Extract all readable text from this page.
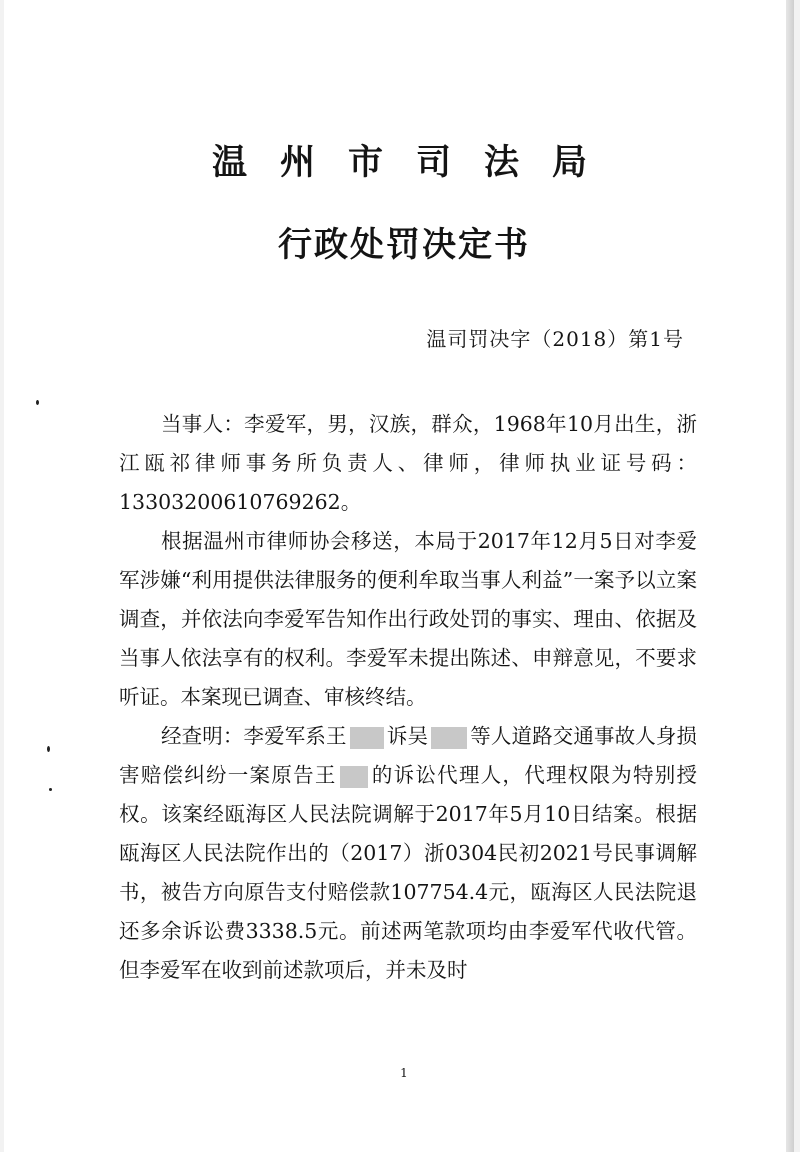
温州市司法局
行政处罚决定书
温司罚决字（2018）第1号

当事人：李爱军，男，汉族，群众，1968年10月出生，浙江瓯祁律师事务所负责人、律师，律师执业证号码：13303200610769262。

根据温州市律师协会移送，本局于2017年12月5日对李爱军涉嫌“利用提供法律服务的便利牟取当事人利益”一案予以立案调查，并依法向李爱军告知作出行政处罚的事实、理由、依据及当事人依法享有的权利。李爱军未提出陈述、申辩意见，不要求听证。本案现已调查、审核终结。

经查明：李爱军系王 诉吴 等人道路交通事故人身损害赔偿纠纷一案原告王 的诉讼代理人，代理权限为特别授权。该案经瓯海区人民法院调解于2017年5月10日结案。根据瓯海区人民法院作出的（2017）浙0304民初2021号民事调解书，被告方向原告支付赔偿款107754.4元，瓯海区人民法院退还多余诉讼费3338.5元。前述两笔款项均由李爱军代收代管。但李爱军在收到前述款项后，并未及时

1
